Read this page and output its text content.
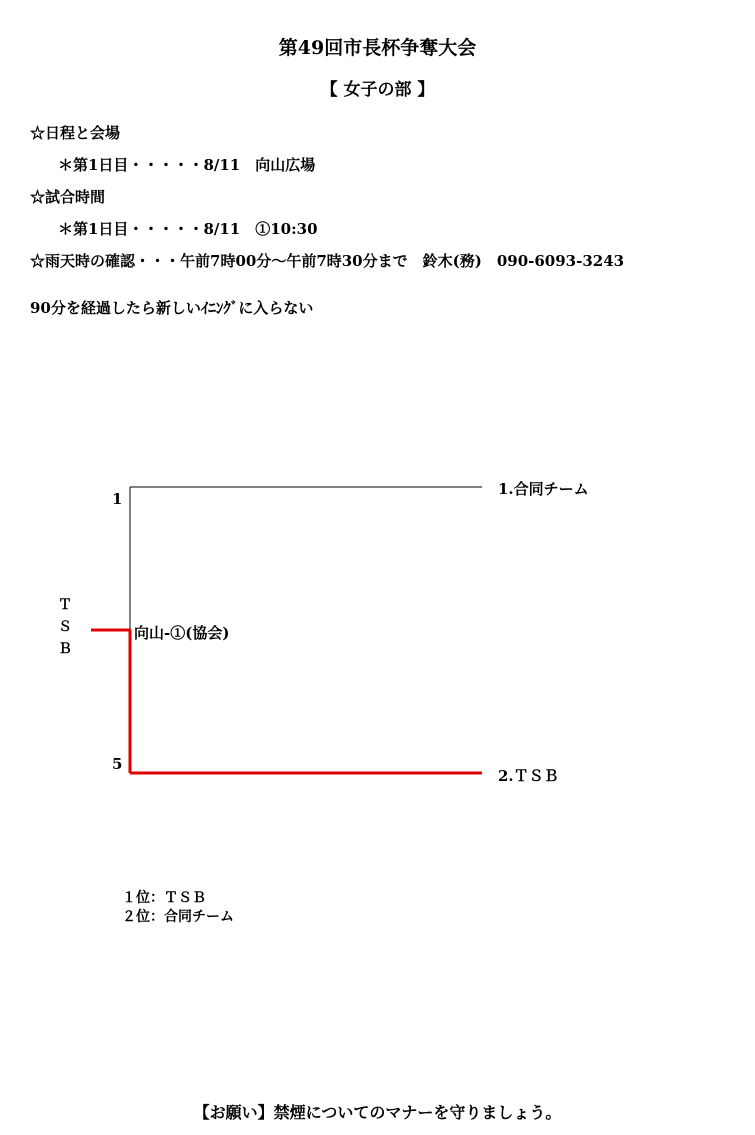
第49回市長杯争奪大会
【 女子の部 】
☆日程と会場
＊第1日目・・・・・8/11　向山広場
☆試合時間
＊第1日目・・・・・8/11　①10:30
☆雨天時の確認・・・午前7時00分～午前7時30分まで　鈴木(務)　090-6093-3243
90分を経過したら新しいｲﾆﾝｸﾞに入らない
1
5
1.合同チーム
2.ＴＳＢ
向山-①(協会)
Ｔ
Ｓ
Ｂ
１位：ＴＳＢ
２位：合同チーム
【お願い】禁煙についてのマナーを守りましょう。
